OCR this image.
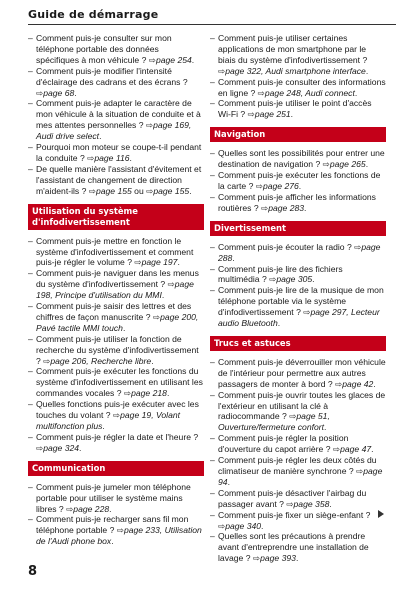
Guide de démarrage
– Comment puis-je consulter sur mon téléphone portable des données spécifiques à mon véhicule ? ⇨page 254.
– Comment puis-je modifier l'intensité d'éclairage des cadrans et des écrans ? ⇨page 68.
– Comment puis-je adapter le caractère de mon véhicule à la situation de conduite et à mes attentes personnelles ? ⇨page 169, Audi drive select.
– Pourquoi mon moteur se coupe-t-il pendant la conduite ? ⇨page 116.
– De quelle manière l'assistant d'évitement et l'assistant de changement de direction m'aident-ils ? ⇨page 155 ou ⇨page 155.
Utilisation du système d'infodivertissement
– Comment puis-je mettre en fonction le système d'infodivertissement et comment puis-je régler le volume ? ⇨page 197.
– Comment puis-je naviguer dans les menus du système d'infodivertissement ? ⇨page 198, Principe d'utilisation du MMI.
– Comment puis-je saisir des lettres et des chiffres de façon manuscrite ? ⇨page 200, Pavé tactile MMI touch.
– Comment puis-je utiliser la fonction de recherche du système d'infodivertissement ? ⇨page 206, Recherche libre.
– Comment puis-je exécuter les fonctions du système d'infodivertissement en utilisant les commandes vocales ? ⇨page 218.
– Quelles fonctions puis-je exécuter avec les touches du volant ? ⇨page 19, Volant multifonction plus.
– Comment puis-je régler la date et l'heure ? ⇨page 324.
Communication
– Comment puis-je jumeler mon téléphone portable pour utiliser le système mains libres ? ⇨page 228.
– Comment puis-je recharger sans fil mon téléphone portable ? ⇨page 233, Utilisation de l'Audi phone box.
– Comment puis-je utiliser certaines applications de mon smartphone par le biais du système d'infodivertissement ? ⇨page 322, Audi smartphone interface.
– Comment puis-je consulter des informations en ligne ? ⇨page 248, Audi connect.
– Comment puis-je utiliser le point d'accès Wi-Fi ? ⇨page 251.
Navigation
– Quelles sont les possibilités pour entrer une destination de navigation ? ⇨page 265.
– Comment puis-je exécuter les fonctions de la carte ? ⇨page 276.
– Comment puis-je afficher les informations routières ? ⇨page 283.
Divertissement
– Comment puis-je écouter la radio ? ⇨page 288.
– Comment puis-je lire des fichiers multimédia ? ⇨page 305.
– Comment puis-je lire de la musique de mon téléphone portable via le système d'infodivertissement ? ⇨page 297, Lecteur audio Bluetooth.
Trucs et astuces
– Comment puis-je déverrouiller mon véhicule de l'intérieur pour permettre aux autres passagers de monter à bord ? ⇨page 42.
– Comment puis-je ouvrir toutes les glaces de l'extérieur en utilisant la clé à radiocommande ? ⇨page 51, Ouverture/fermeture confort.
– Comment puis-je régler la position d'ouverture du capot arrière ? ⇨page 47.
– Comment puis-je régler les deux côtés du climatiseur de manière synchrone ? ⇨page 94.
– Comment puis-je désactiver l'airbag du passager avant ? ⇨page 358.
– Comment puis-je fixer un siège-enfant ? ⇨page 340.
– Quelles sont les précautions à prendre avant d'entreprendre une installation de lavage ? ⇨page 393.
8
